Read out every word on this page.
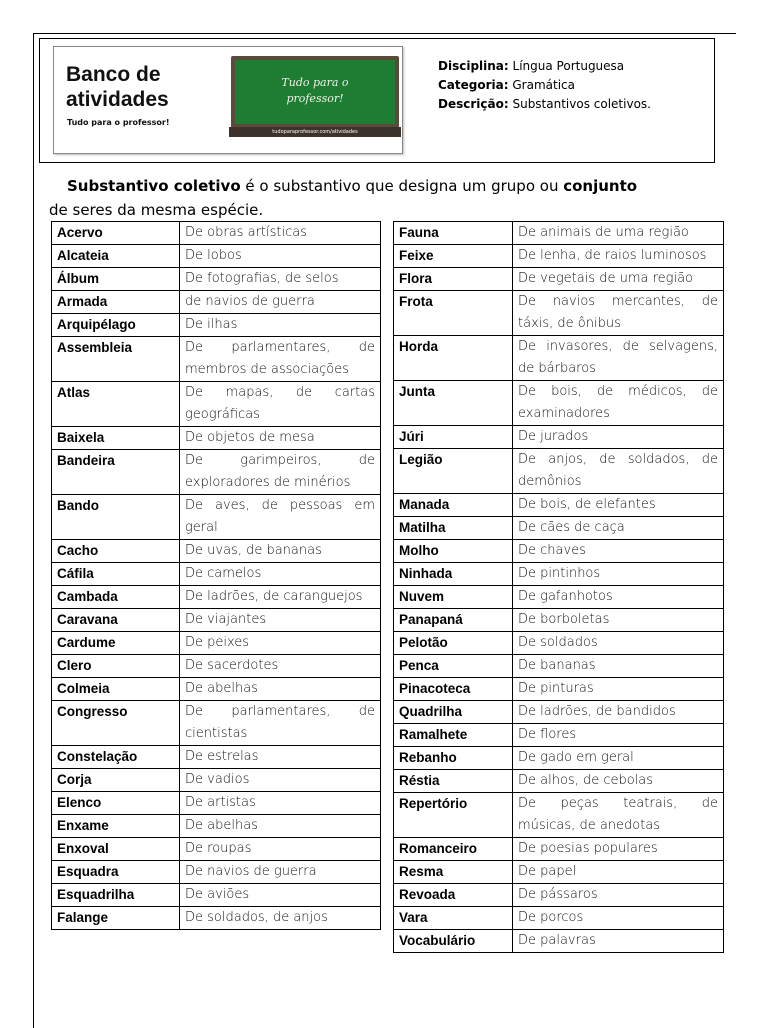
Banco de
atividades
Tudo para o professor!
Tudo para o
professor!
tudoparaprofessor.com/atividades
Disciplina: Língua Portuguesa
Categoria: Gramática
Descrição: Substantivos coletivos.
Substantivo coletivo é o substantivo que designa um grupo ou conjunto
de seres da mesma espécie.
Acervo	De obras artísticas
Alcateia	De lobos
Álbum	De fotografias, de selos
Armada	de navios de guerra
Arquipélago	De ilhas
Assembleia	De parlamentares, de membros de associações
Atlas	De mapas, de cartas geográficas
Baixela	De objetos de mesa
Bandeira	De garimpeiros, de exploradores de minérios
Bando	De aves, de pessoas em geral
Cacho	De uvas, de bananas
Cáfila	De camelos
Cambada	De ladrões, de caranguejos
Caravana	De viajantes
Cardume	De peixes
Clero	De sacerdotes
Colmeia	De abelhas
Congresso	De parlamentares, de cientistas
Constelação	De estrelas
Corja	De vadios
Elenco	De artistas
Enxame	De abelhas
Enxoval	De roupas
Esquadra	De navios de guerra
Esquadrilha	De aviões
Falange	De soldados, de anjos
Fauna	De animais de uma região
Feixe	De lenha, de raios luminosos
Flora	De vegetais de uma região
Frota	De navios mercantes, de táxis, de ônibus
Horda	De invasores, de selvagens, de bárbaros
Junta	De bois, de médicos, de examinadores
Júri	De jurados
Legião	De anjos, de soldados, de demônios
Manada	De bois, de elefantes
Matilha	De cães de caça
Molho	De chaves
Ninhada	De pintinhos
Nuvem	De gafanhotos
Panapaná	De borboletas
Pelotão	De soldados
Penca	De bananas
Pinacoteca	De pinturas
Quadrilha	De ladrões, de bandidos
Ramalhete	De flores
Rebanho	De gado em geral
Réstia	De alhos, de cebolas
Repertório	De peças teatrais, de músicas, de anedotas
Romanceiro	De poesias populares
Resma	De papel
Revoada	De pássaros
Vara	De porcos
Vocabulário	De palavras
